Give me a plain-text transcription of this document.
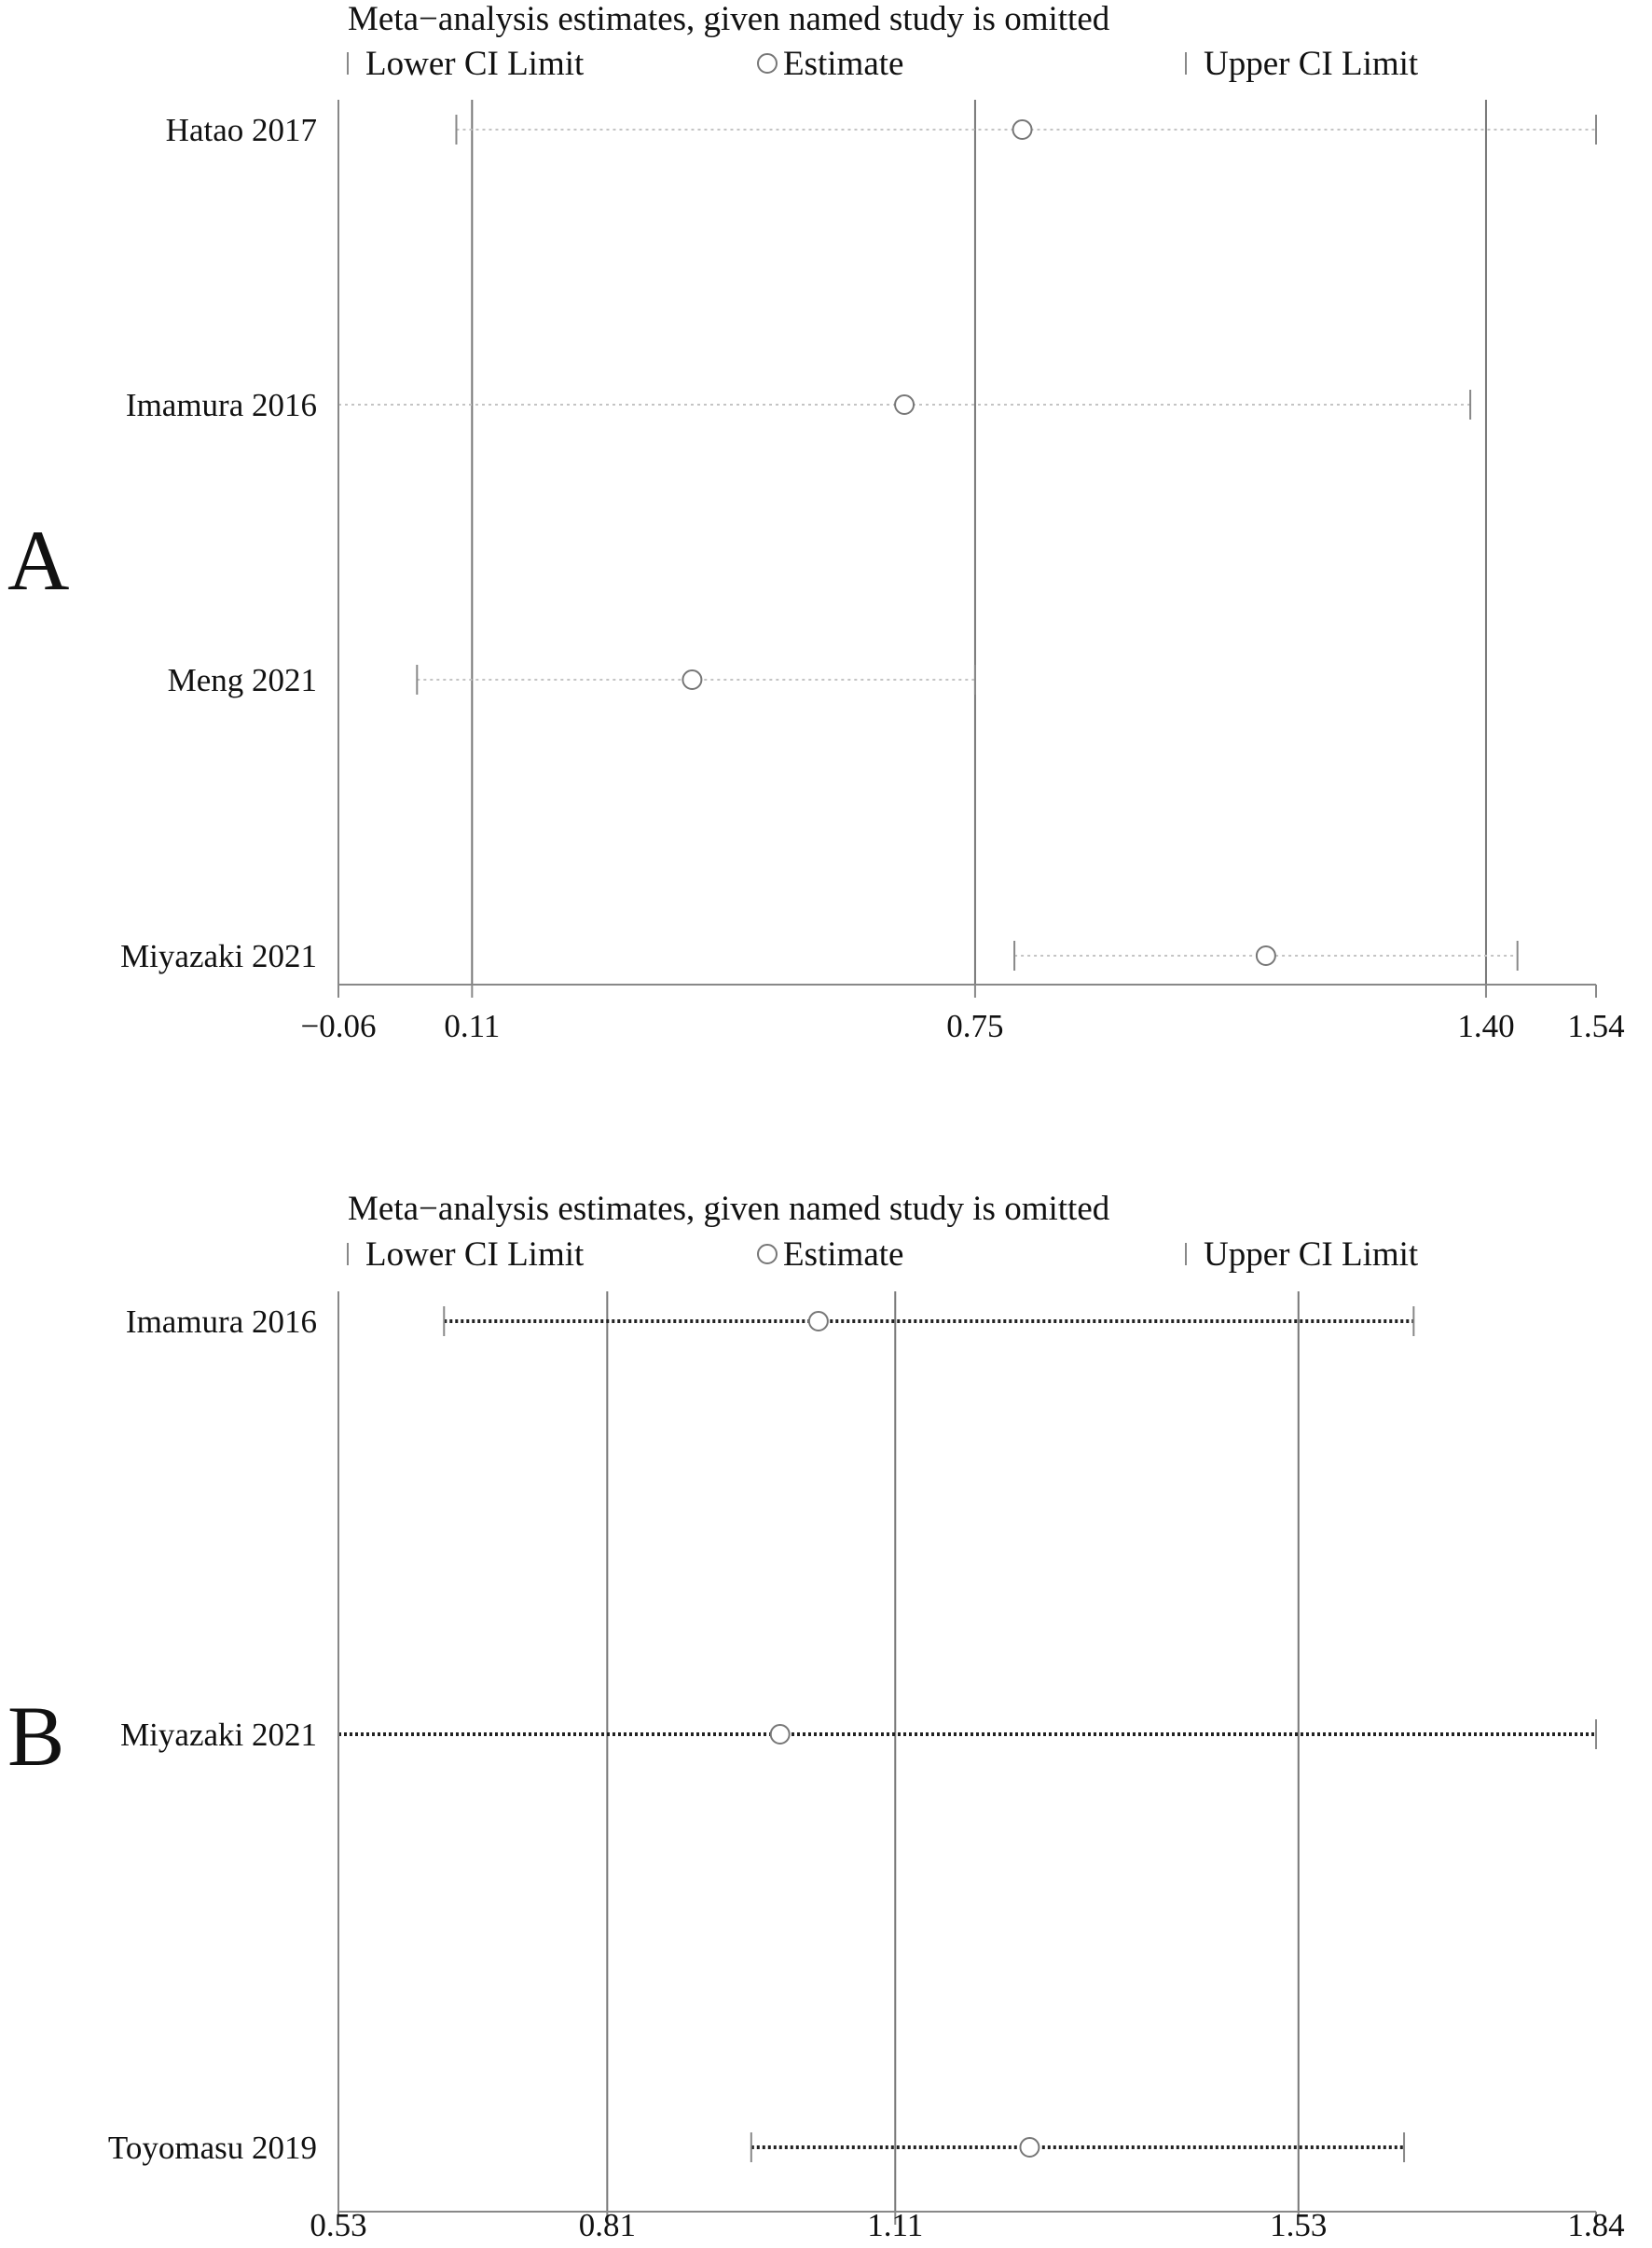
A
Meta−analysis estimates, given named study is omitted
Lower CI Limit	Estimate	Upper CI Limit
−0.06 0.11	0.75	1.40 1.54
Hatao 2017
Imamura 2016
Meng 2021
Miyazaki 2021
B
Meta−analysis estimates, given named study is omitted
Lower CI Limit	Estimate	Upper CI Limit
0.53	0.81	1.11	1.53	1.84
Imamura 2016
Miyazaki 2021
Toyomasu 2019
